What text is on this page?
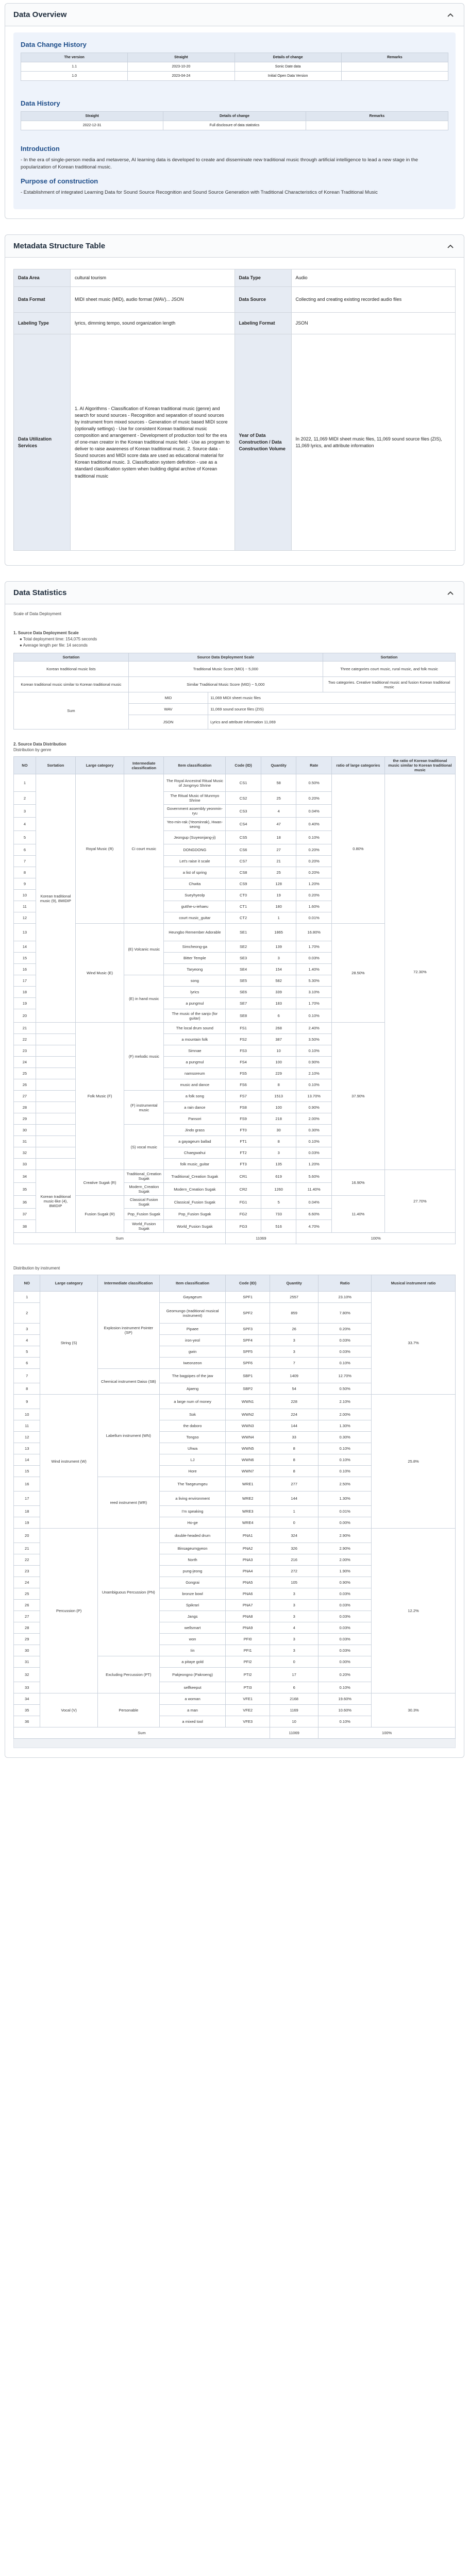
Data Overview
Data Change History
The version	Straight	Details of change	Remarks
1.1	2023-10-20	Sonic Date data	
1.0	2023-04-24	Initial Open Data Version	
Data History
Straight	Details of change	Remarks
2022-12-31	Full disclosure of data statistics	
Introduction

- In the era of single-person media and metaverse, AI learning data is developed to create and disseminate new traditional music through artificial intelligence to lead a new stage in the popularization of Korean traditional music.

Purpose of construction

- Establishment of integrated Learning Data for Sound Source Recognition and Sound Source Generation with Traditional Characteristics of Korean Traditional Music

Metadata Structure Table
Data Area	cultural tourism	Data Type	Audio
Data Format	MIDI sheet music (MID), audio format (WAV)... JSON	Data Source	Collecting and creating existing recorded audio files
Labeling Type	lyrics, dimming tempo, sound organization length	Labeling Format	JSON
Data Utilization Services	1. AI Algorithms - Classification of Korean traditional music (genre) and search for sound sources - Recognition and separation of sound sources by instrument from mixed sources - Generation of music based MIDI score (optionally settings) - Use for consistent Korean traditional music composition and arrangement - Development of production tool for the era of one-man creator in the Korean traditional music field - Use as program to deliver to raise awareness of Korean traditional music. 2. Source data - Sound sources and MIDI score data are used as educational material for Korean traditional music. 3. Classification system definition - use as a standard classification system when building digital archive of Korean traditional music	Year of Data Construction / Data Construction Volume	In 2022, 11,069 MIDI sheet music files, 11,069 sound source files (ZIS), 11,069 lyrics, and attribute information
Data Statistics
Scale of Data Deployment
1. Source Data Deployment Scale
● Total deployment time: 154,075 seconds
● Average length per file: 14 seconds
Sortation	Source Data Deployment Scale		Sortation
Korean traditional music lists	Traditional Music Score (MID) ~ 5,000		Three categories court music, rural music, and folk music
Korean traditional music similar to Korean traditional music	Similar Traditional Music Score (MID) ~ 5,000		Two categories. Creative traditional music and fusion Korean traditional music
Sum	MID	11,069 MIDI sheet music files	
	WAV	11,069 sound source files (ZIS)	
	JSON	Lyrics and attribute information 11,069	
2. Source Data Distribution
Distribution by genre
NO	Sortation	Large category	Intermediate classification	Item classification	Code (ID)	Quantity	Rate	ratio of large categories	the ratio of Korean traditional music similar to Korean traditional music
1	Korean traditional music (9), 8MIDIP	Royal Music (R)	Ci court music	The Royal Ancestral Ritual Music of Jongmyo Shrine	CS1	58	0.50%	0.80%	72.30%
2				The Ritual Music of Munmyo Shrine	CS2	25	0.20%		
3				Government assembly yeonmin-ryu	CS3	4	0.04%		
4				Yeo-min-rak (Yeominrak), Hwan-seong	CS4	47	0.40%		
5				Jeongup (Suyeonjang-ji)	CS5	18	0.10%		
6				DONGDONG	CS6	27	0.20%		
7				Let's raise it scale	CS7	21	0.20%		
8				a list of spring	CS8	25	0.20%		
9				Chwita	CS9	128	1.20%		
10				Sueyhyeolp	CT0	19	0.20%		
11				gutthe-u-iehaeu	CT1	180	1.60%		
12				court music_guitar	CT2	1	0.01%		
13		Wind Music (E)	(E) Volcanic music	Heungbo Remember Adorable	SE1	1865	16.80%	28.50%	
14				Simcheong-ga	SE2	139	1.70%		
15				Bitter Temple	SE3	3	0.03%		
16				Taryeong	SE4	154	1.40%		
17			(E) in hand music	song	SE5	582	5.30%		
18				lyrics	SE6	339	3.10%		
19				a pungmul	SE7	183	1.70%		
20				The music of the sanjo (for guitar)	SE8	6	0.10%		
21		Folk Music (F)	(F) melodic music	The local drum sound	FS1	268	2.40%	37.90%	
22				a mountain folk	FS2	387	3.50%		
23				Simnae	FS3	10	0.10%		
24				a pungmul	FS4	100	0.90%		
25				namsoreum	FS5	229	2.10%		
26				music and dance	FS6	8	0.10%		
27			(F) instrumental music	a folk song	FS7	1513	13.70%		
28				a rain dance	FS8	100	0.90%		
29				Pansori	FS9	218	2.00%		
30			(S) vocal music	Jindo grass	FT0	30	0.30%		
31				a gayageum ballad	FT1	8	0.10%		
32				Chaegwahui	FT2	3	0.03%		
33				folk music_guitar	FT3	135	1.20%		
34	Korean traditional music-like (4), 8MIDIP	Creative Sugak (R)	Traditional_Creation Sugak	Traditional_Creation Sugak	CR1	619	5.60%	16.90%	27.70%
35			Modern_Creation Sugak	Modern_Creation Sugak	CR2	1260	11.40%		
36		Fusion Sugak (R)	Classical Fusion Sugak	Classical_Fusion Sugak	FG1	5	0.04%	11.40%	
37			Pop_Fusion Sugak	Pop_Fusion Sugak	FG2	733	6.60%		
38			World_Fusion Sugak	World_Fusion Sugak	FG3	516	4.70%		
Sum					11069		100%		
Distribution by instrument
NO	Large category	Intermediate classification	Item classification	Code (ID)	Quantity	Ratio	Musical instrument ratio
1	String (S)	Explosion instrument Pointer (SP)	Gayageum	SPF1	2557	23.10%	33.7%
2			Geomungo (traditional musical instrument)	SPF2	859	7.80%	
3			Pipaee	SPF3	26	0.20%	
4			iron-yeol	SPF4	3	0.03%	
5			gwin	SPF5	3	0.03%	
6			Iweonzeon	SPF6	7	0.10%	
7		Chemical instrument Daiso (SB)	The bagpipes of the jaw	SBP1	1409	12.70%	
8			Ajaeng	SBP2	54	0.50%	
9	Wind instrument (W)	Labellum instrument (WN)	a large num of money	WWN1	228	2.10%	25.8%
10			Sok	WWN2	224	2.00%	
11			the daboro	WWN3	144	1.30%	
12			Tongso	WWN4	33	0.30%	
13			Uhwa	WWN5	8	0.10%	
14			LJ	WWN6	8	0.10%	
15			Hore	WWN7	8	0.10%	
16		reed instrument (WR)	The Taegeumgeu	WRE1	277	2.50%	
17			a living environment	WRE2	144	1.30%	
18			I'm speaking	WRE3	1	0.01%	
19			Ho-ge	WRE4	0	0.00%	
20	Percussion (P)	Unambiguous Percussion (PN)	double-headed drum	PNA1	324	2.90%	12.2%
21			Binsageumgyeon	PNA2	326	2.90%	
22			North	PNA3	216	2.00%	
23			pung-jeong	PNA4	272	1.90%	
24			Gongrai	PNA5	105	0.90%	
25			bronze bowl	PNA6	3	0.03%	
26			Spikrari	PNA7	3	0.03%	
27			Jangs	PNA8	3	0.03%	
28			wellsmart	PNA9	4	0.03%	
29			won	PFI0	3	0.03%	
30			Iin	PFI1	3	0.03%	
31		Excluding Percussion (PT)	a pitaye gold	PFI2	0	0.00%	
32			Pakjeongno (Pakroeng)	PTI2	17	0.20%	
33			selfkeeput	PTI3	6	0.10%	
34	Vocal (V)	Personable	a woman	VFE1	2168	19.60%	30.3%
35			a man	VFE2	1169	10.60%	
36			a mixed tool	VFE3	10	0.10%	
Sum					11069	100%	
